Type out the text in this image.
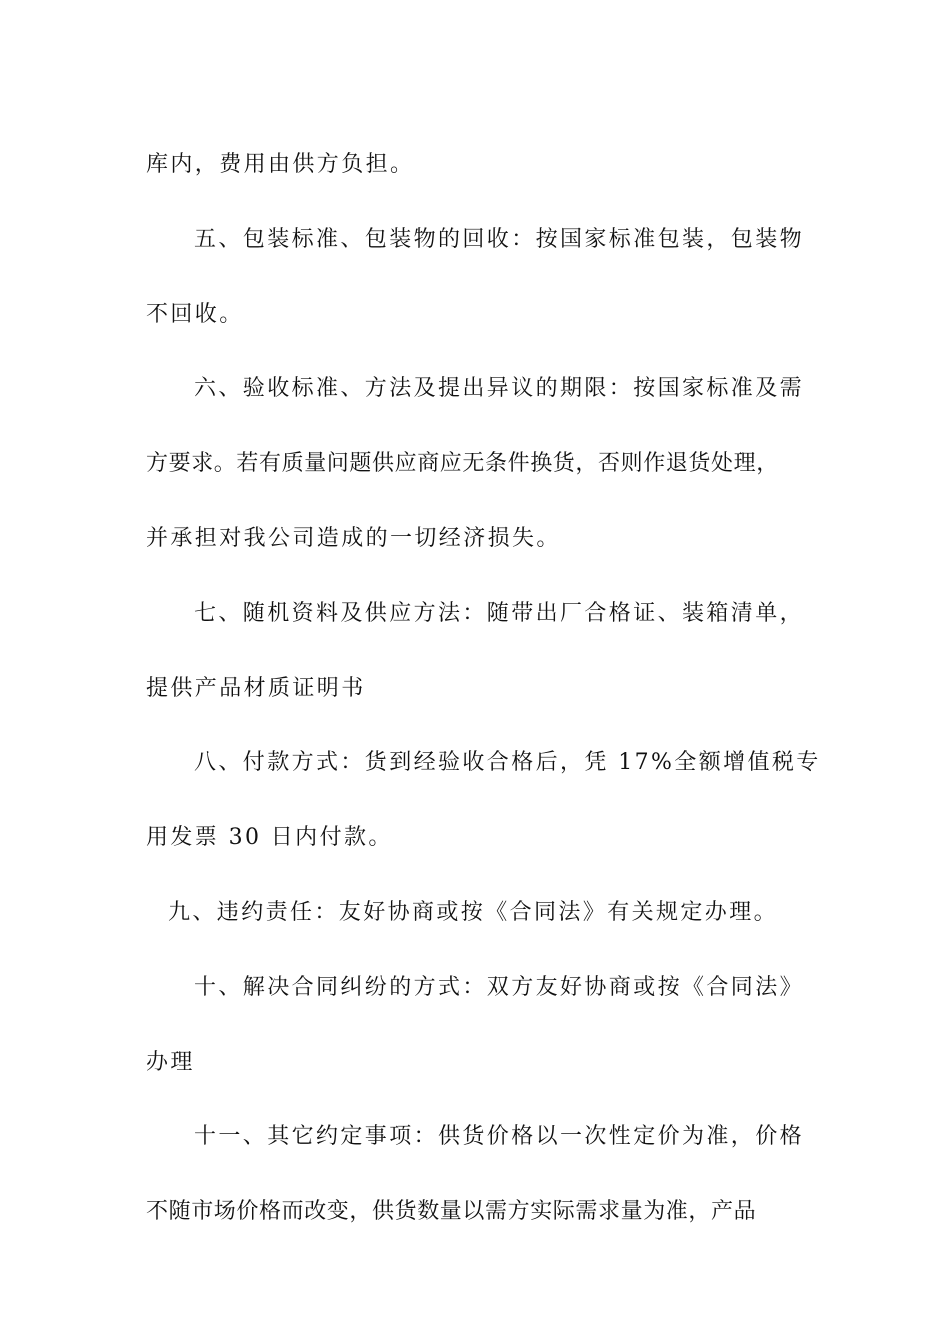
库内，费用由供方负担。
五、包装标准、包装物的回收：按国家标准包装，包装物
不回收。
六、验收标准、方法及提出异议的期限：按国家标准及需
方要求。若有质量问题供应商应无条件换货，否则作退货处理，
并承担对我公司造成的一切经济损失。
七、随机资料及供应方法：随带出厂合格证、装箱清单，
提供产品材质证明书
八、付款方式：货到经验收合格后，凭 17%全额增值税专
用发票 30 日内付款。
九、违约责任：友好协商或按《合同法》有关规定办理。
十、解决合同纠纷的方式：双方友好协商或按《合同法》
办理
十一、其它约定事项：供货价格以一次性定价为准，价格
不随市场价格而改变，供货数量以需方实际需求量为准，产品
